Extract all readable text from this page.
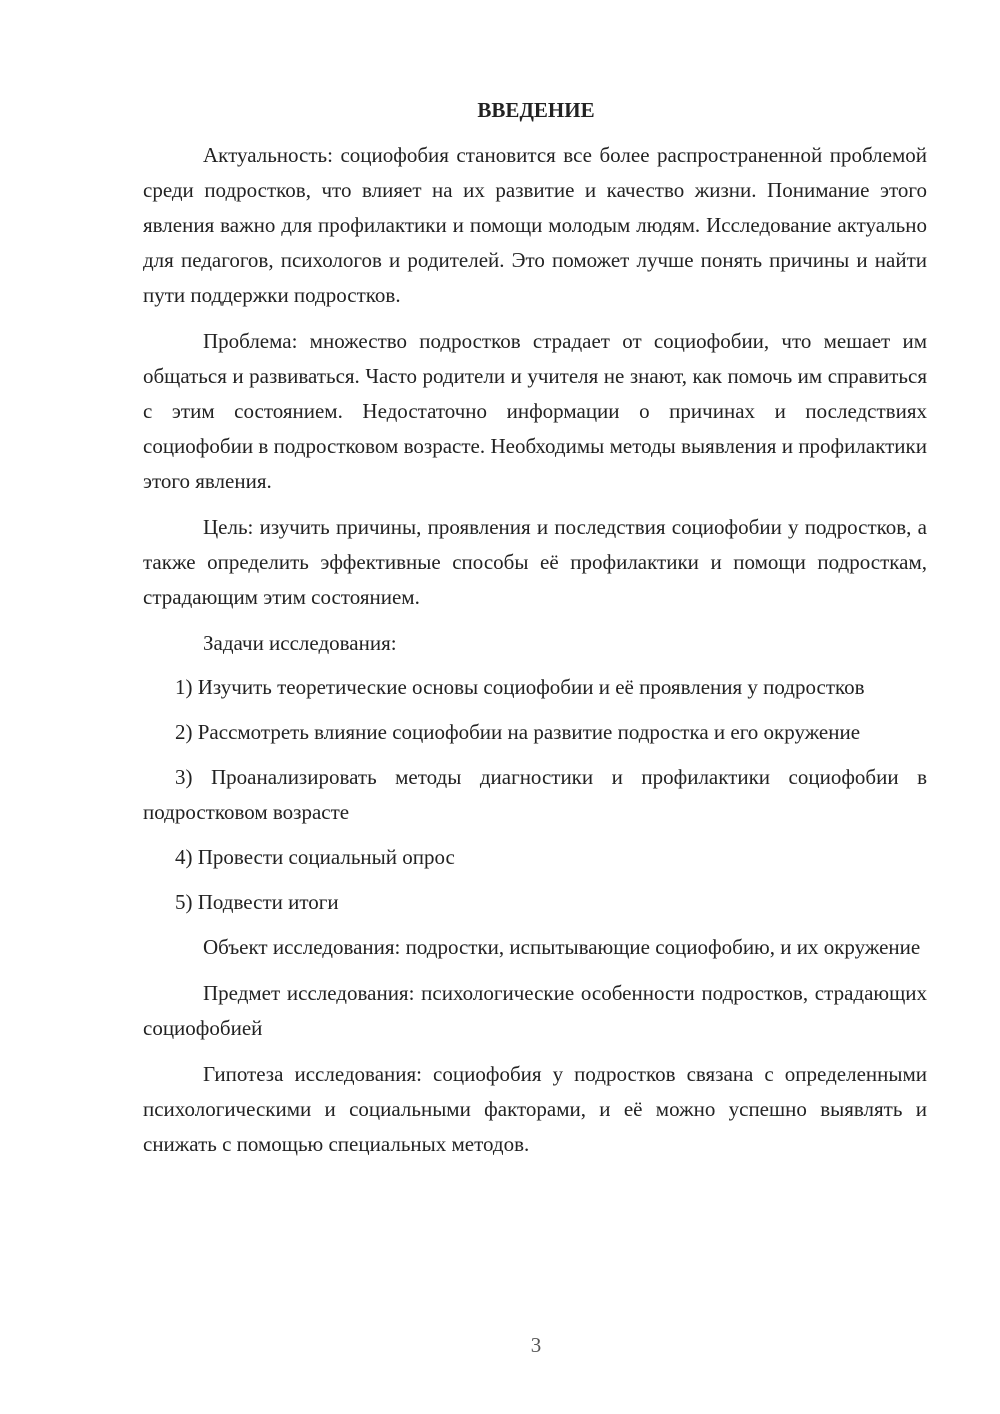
ВВЕДЕНИЕ

Актуальность: социофобия становится все более распространенной проблемой среди подростков, что влияет на их развитие и качество жизни. Понимание этого явления важно для профилактики и помощи молодым людям. Исследование актуально для педагогов, психологов и родителей. Это поможет лучше понять причины и найти пути поддержки подростков.

Проблема: множество подростков страдает от социофобии, что мешает им общаться и развиваться. Часто родители и учителя не знают, как помочь им справиться с этим состоянием. Недостаточно информации о причинах и последствиях социофобии в подростковом возрасте. Необходимы методы выявления и профилактики этого явления.

Цель: изучить причины, проявления и последствия социофобии у подростков, а также определить эффективные способы её профилактики и помощи подросткам, страдающим этим состоянием.

Задачи исследования:

1) Изучить теоретические основы социофобии и её проявления у подростков

2) Рассмотреть влияние социофобии на развитие подростка и его окружение

3) Проанализировать методы диагностики и профилактики социофобии в подростковом возрасте

4) Провести социальный опрос

5) Подвести итоги

Объект исследования: подростки, испытывающие социофобию, и их окружение

Предмет исследования: психологические особенности подростков, страдающих социофобией

Гипотеза исследования: социофобия у подростков связана с определенными психологическими и социальными факторами, и её можно успешно выявлять и снижать с помощью специальных методов.

3
